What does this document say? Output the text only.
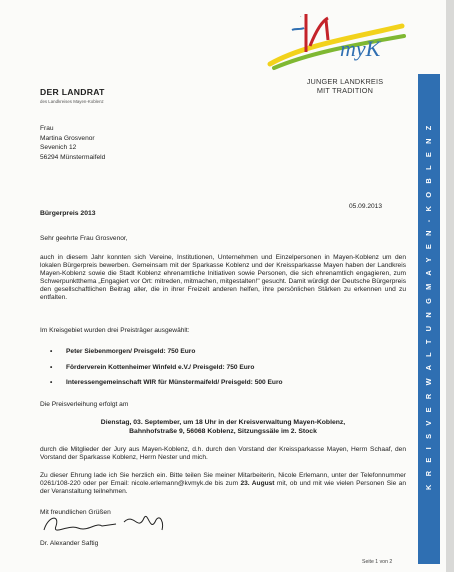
·
myK
JUNGER LANDKREIS
MIT TRADITION
DER LANDRAT
des Landkreises Mayen-Koblenz
Frau
Martina Grosvenor
Sevenich 12
56294 Münstermaifeld
05.09.2013
Bürgerpreis 2013
Sehr geehrte Frau Grosvenor,
auch in diesem Jahr konnten sich Vereine, Institutionen, Unternehmen und Einzelpersonen in Mayen-Koblenz um den lokalen Bürgerpreis bewerben. Gemeinsam mit der Sparkasse Koblenz und der Kreissparkasse Mayen haben der Landkreis Mayen-Koblenz sowie die Stadt Koblenz ehrenamtliche Initiativen sowie Personen, die sich ehrenamtlich engagieren, zum Schwerpunktthema „Engagiert vor Ort: mitreden, mitmachen, mitgestalten!" gesucht. Damit würdigt der Deutsche Bürgerpreis den gesellschaftlichen Beitrag aller, die in ihrer Freizeit anderen helfen, ihre persönlichen Stärken zu erkennen und zu entfalten.
Im Kreisgebiet wurden drei Preisträger ausgewählt:
• Peter Siebenmorgen/ Preisgeld: 750 Euro
• Förderverein Kottenheimer Winfeld e.V./ Preisgeld: 750 Euro
• Interessengemeinschaft WIR für Münstermaifeld/ Preisgeld: 500 Euro
Die Preisverleihung erfolgt am
Dienstag, 03. September, um 18 Uhr in der Kreisverwaltung Mayen-Koblenz,
Bahnhofstraße 9, 56068 Koblenz, Sitzungssäle im 2. Stock
durch die Mitglieder der Jury aus Mayen-Koblenz, d.h. durch den Vorstand der Kreissparkasse Mayen, Herrn Schaaf, den Vorstand der Sparkasse Koblenz, Herrn Nester und mich.
Zu dieser Ehrung lade ich Sie herzlich ein. Bitte teilen Sie meiner Mitarbeiterin, Nicole Erlemann, unter der Telefonnummer 0261/108-220 oder per Email: nicole.erlemann@kvmyk.de bis zum 23. August mit, ob und mit wie vielen Personen Sie an der Veranstaltung teilnehmen.
Mit freundlichen Grüßen
Dr. Alexander Saftig
Seite 1 von 2
